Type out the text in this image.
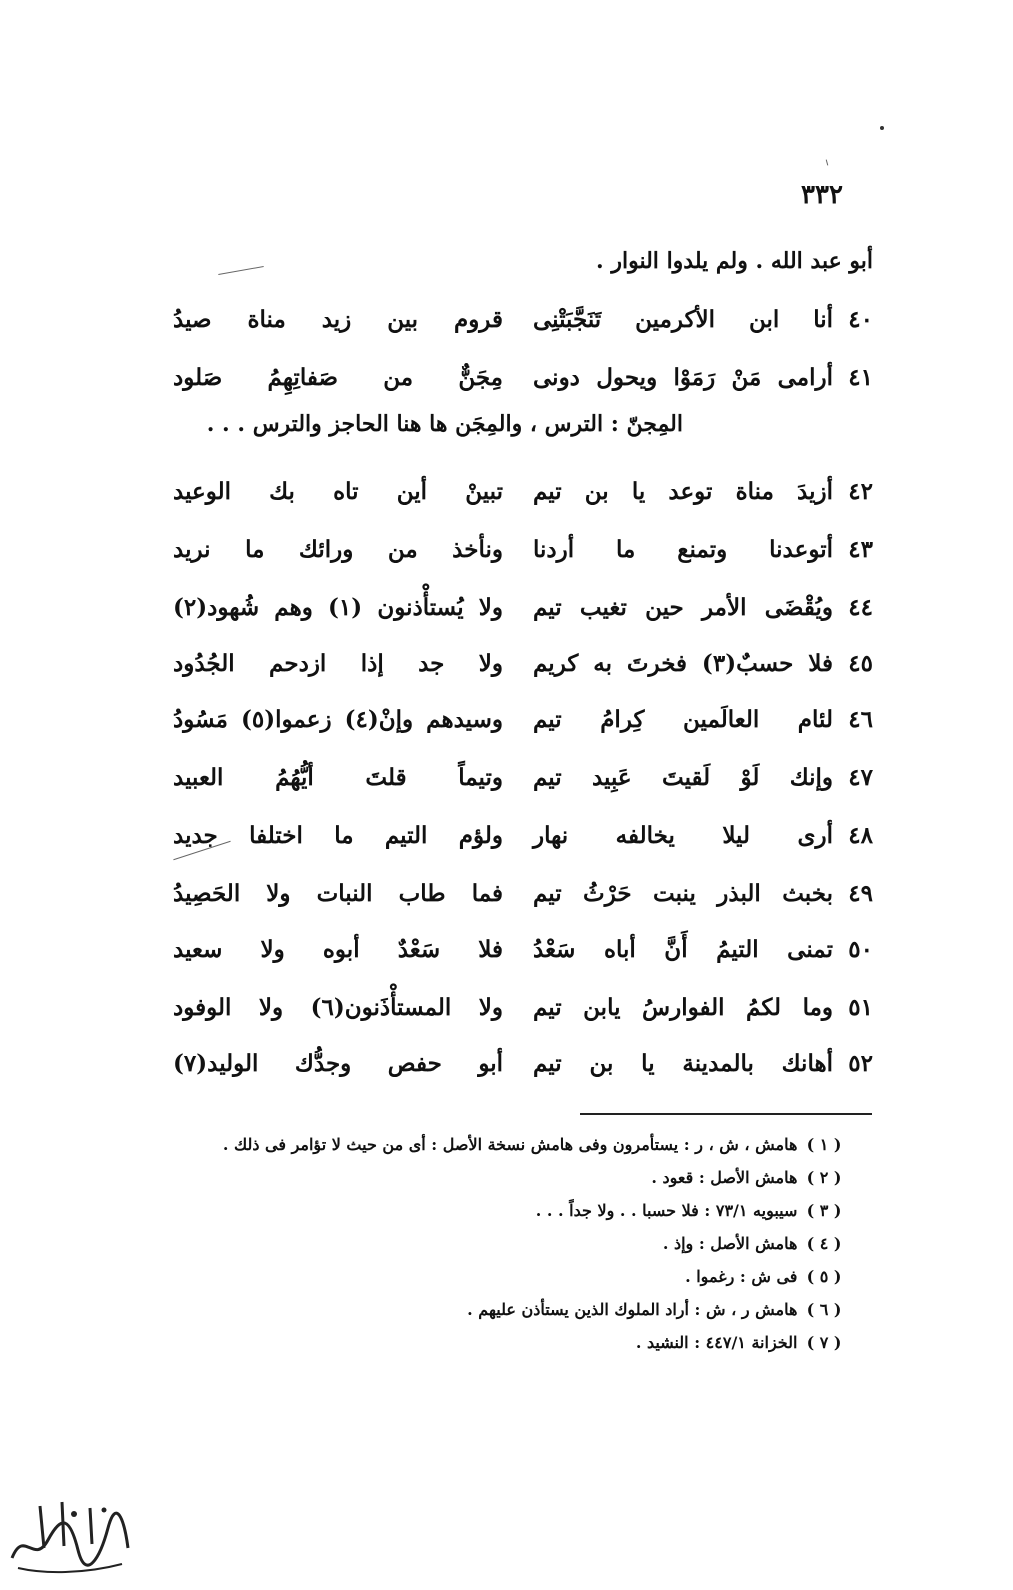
٣٣٢
أبو عبد الله . ولم يلدوا النوار .
٤٠
أنا ابن الأكرمين تَنَجَّبَتْنِى
قروم بين زيد مناة صيدُ
٤١
أرامى مَنْ رَمَوْا ويحول دونى
مِجَنٌّ من صَفاتِهِمُ صَلود
المِجنّ : الترس ، والمِجَن ها هنا الحاجز والترس . . .
٤٢
أزيدَ مناة توعد يا بن تيم
تبينْ أين تاه بك الوعيد
٤٣
أتوعدنا وتمنع ما أردنا
ونأخذ من ورائك ما نريد
٤٤
ويُقْضَى الأمر حين تغيب تيم
ولا يُستأْذنون (١) وهم شُهود(٢)
٤٥
فلا حسبٌ(٣) فخرتَ به كريم
ولا جد إذا ازدحم الجُدُود
٤٦
لئام العالَمين كِرامُ تيم
وسيدهم وإنْ(٤) زعموا(٥) مَسُودُ
٤٧
وإنك لَوْ لَقيتَ عَبِيد تيم
وتيماً قلتَ أيُّهُمُ العبيد
٤٨
أرى ليلا يخالفه نهار
ولؤم التيم ما اختلفا جديد
٤٩
بخبث البذر ينبت حَرْثُ تيم
فما طاب النبات ولا الحَصِيدُ
٥٠
تمنى التيمُ أَنَّ أباه سَعْدُ
فلا سَعْدٌ أبوه ولا سعيد
٥١
وما لكمُ الفوارسُ يابن تيم
ولا المستأْذَنون(٦) ولا الوفود
٥٢
أهانك بالمدينة يا بن تيم
أبو حفص وجدُّك الوليد(٧)
( ١ ) هامش ، ش ، ر : يستأمرون وفى هامش نسخة الأصل : أى من حيث لا تؤامر فى ذلك .
( ٢ ) هامش الأصل : قعود .
( ٣ ) سيبويه ٧٣/١ : فلا حسبا . . ولا جداً . . .
( ٤ ) هامش الأصل : وإذ .
( ٥ ) فى ش : رغموا .
( ٦ ) هامش ر ، ش : أراد الملوك الذين يستأذن عليهم .
( ٧ ) الخزانة ٤٤٧/١ : النشيد .
